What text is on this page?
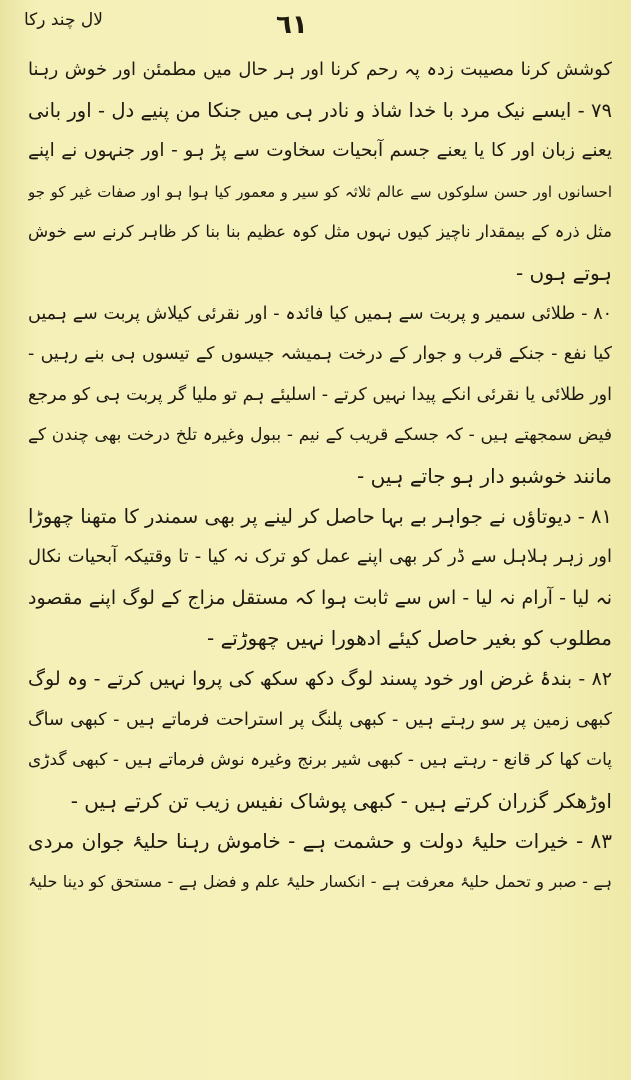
لال چند رکا	٦١
کوشش کرنا مصیبت زدہ پہ رحم کرنا اور ہر حال میں مطمئن اور خوش رہنا
٧٩ - ایسے نیک مرد با خدا شاذ و نادر ہی میں جنکا من پنیے دل - اور بانی
یعنے زبان اور کا یا یعنے جسم آبحیات سخاوت سے پڑ ہو - اور جنہوں نے اپنے
احسانوں اور حسن سلوکوں سے عالم ثلاثہ کو سیر و معمور کیا ہوا ہو اور صفات غیر کو جو
مثل ذرہ کے بیمقدار ناچیز کیوں نہوں مثل کوہ عظیم بنا بنا کر ظاہر کرنے سے خوش
ہوتے ہوں -
٨٠ - طلائی سمیر و پربت سے ہمیں کیا فائدہ - اور نقرئی کیلاش پربت سے ہمیں
کیا نفع - جنکے قرب و جوار کے درخت ہمیشہ جیسوں کے تیسوں ہی بنے رہیں -
اور طلائی یا نقرئی انکے پیدا نہیں کرتے - اسلیئے ہم تو ملیا گر پربت ہی کو مرجع
فیض سمجھتے ہیں - کہ جسکے قریب کے نیم - ببول وغیرہ تلخ درخت بھی چندن کے
مانند خوشبو دار ہو جاتے ہیں -
٨١ - دیوتاؤں نے جواہر بے بہا حاصل کر لینے پر بھی سمندر کا متھنا چھوڑا
اور زہر ہلاہل سے ڈر کر بھی اپنے عمل کو ترک نہ کیا - تا وقتیکہ آبحیات نکال
نہ لیا - آرام نہ لیا - اس سے ثابت ہوا کہ مستقل مزاج کے لوگ اپنے مقصود
مطلوب کو بغیر حاصل کیئے ادھورا نہیں چھوڑتے -
٨٢ - بندۂ غرض اور خود پسند لوگ دکھ سکھ کی پروا نہیں کرتے - وہ لوگ
کبھی زمین پر سو رہتے ہیں - کبھی پلنگ پر استراحت فرماتے ہیں - کبھی ساگ
پات کھا کر قانع - رہتے ہیں - کبھی شیر برنج وغیرہ نوش فرماتے ہیں - کبھی گدڑی
اوڑھکر گزران کرتے ہیں - کبھی پوشاک نفیس زیب تن کرتے ہیں -
٨٣ - خیرات حلیۂ دولت و حشمت ہے - خاموش رہنا حلیۂ جوان مردی
ہے - صبر و تحمل حلیۂ معرفت ہے - انکسار حلیۂ علم و فضل ہے - مستحق کو دینا حلیۂ
